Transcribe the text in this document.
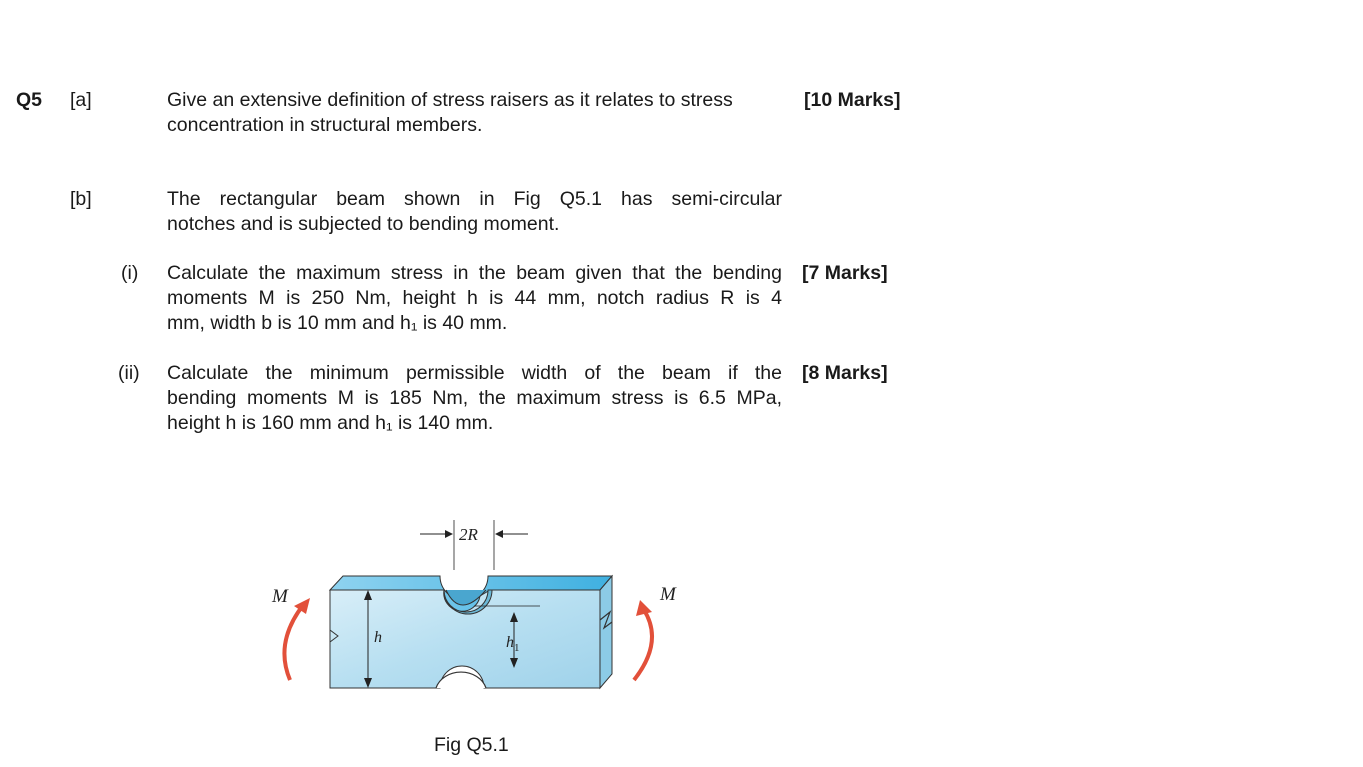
Q5 [a]	Give an extensive definition of stress raisers as it relates to stress
concentration in structural members.
[10 Marks]
[b]	The rectangular beam shown in Fig Q5.1 has semi-circular
notches and is subjected to bending moment.
(i) Calculate the maximum stress in the beam given that the bending
moments M is 250 Nm, height h is 44 mm, notch radius R is 4
mm, width b is 10 mm and h₁ is 40 mm.
[7 Marks]
(ii) Calculate the minimum permissible width of the beam if the
bending moments M is 185 Nm, the maximum stress is 6.5 MPa,
height h is 160 mm and h₁ is 140 mm.
[8 Marks]
h	$h_1$
2R
M	M
Fig Q5.1
